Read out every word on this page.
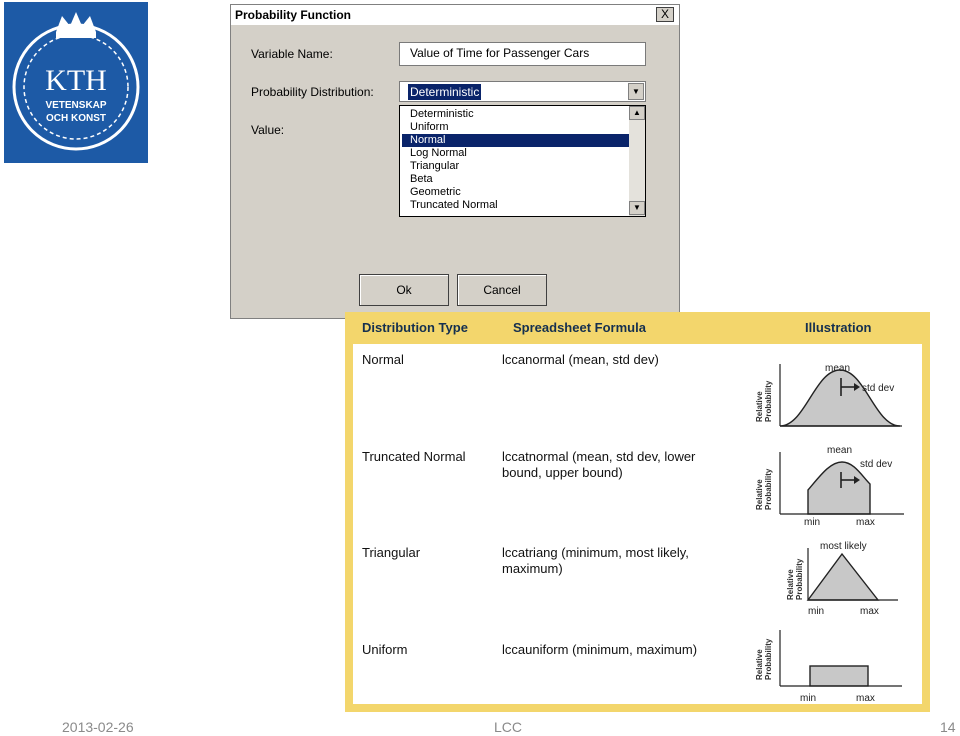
KTH
VETENSKAP
OCH KONST
Probability Function	X
Variable Name:	Value of Time for Passenger Cars
Probability Distribution:	Deterministic	▼
Value:
Deterministic
Uniform
Normal
Log Normal
Triangular
Beta
Geometric
Truncated Normal
▲
▼
Ok	Cancel
Distribution Type	Spreadsheet Formula	Illustration
Normal	lccanormal (mean, std dev)
Relative Probability
mean
std dev
Truncated Normal	lccatnormal (mean, std dev, lower bound, upper bound)
Relative Probability
mean
std dev
min	max
Triangular	lccatriang (minimum, most likely, maximum)
Relative Probability
most likely
min	max
Uniform	lccauniform (minimum, maximum)	Relative Probability
min	max
2013-02-26	LCC	14
